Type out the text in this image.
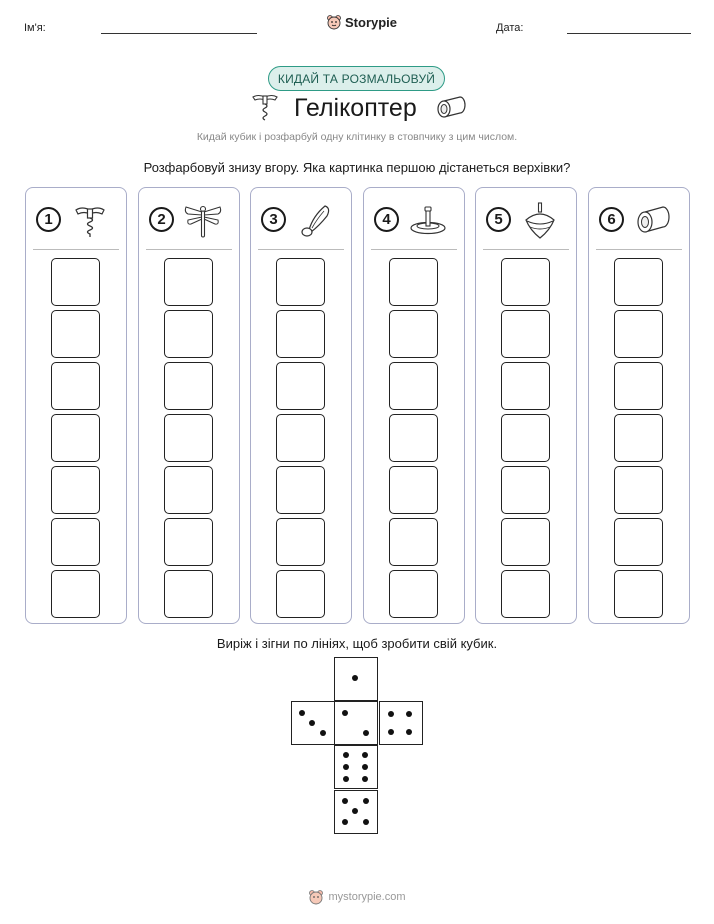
Ім'я:	Storypie	Дата:
КИДАЙ ТА РОЗМАЛЬОВУЙ
Гелікоптер
Кидай кубик і розфарбуй одну клітинку в стовпчику з цим числом.
Розфарбовуй знизу вгору. Яка картинка першою дістанеться верхівки?
1	2	3	4	5	6
Виріж і зігни по лініях, щоб зробити свій кубик.
mystorypie.com
